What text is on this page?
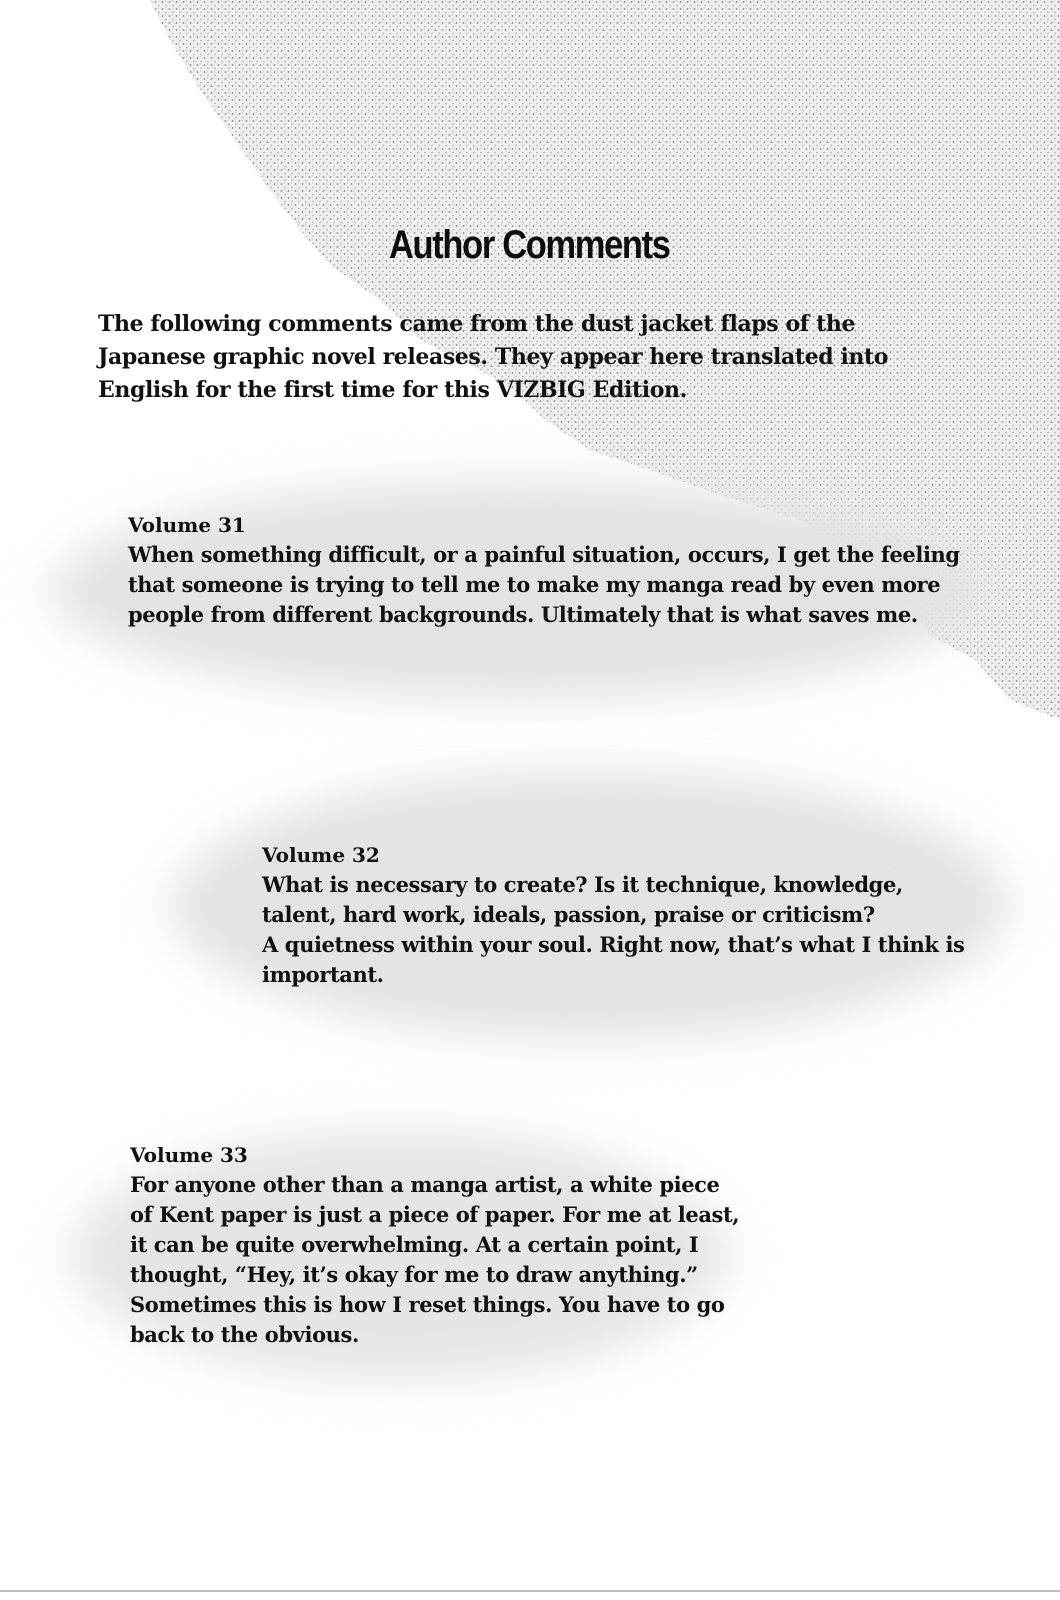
Author Comments

The following comments came from the dust jacket flaps of the Japanese graphic novel releases. They appear here translated into English for the first time for this VIZBIG Edition.

Volume 31
When something difficult, or a painful situation, occurs, I get the feeling
that someone is trying to tell me to make my manga read by even more
people from different backgrounds. Ultimately that is what saves me.
Volume 32
What is necessary to create? Is it technique, knowledge,
talent, hard work, ideals, passion, praise or criticism?
A quietness within your soul. Right now, that’s what I think is
important.
Volume 33
For anyone other than a manga artist, a white piece
of Kent paper is just a piece of paper. For me at least,
it can be quite overwhelming. At a certain point, I
thought, “Hey, it’s okay for me to draw anything.”
Sometimes this is how I reset things. You have to go
back to the obvious.
